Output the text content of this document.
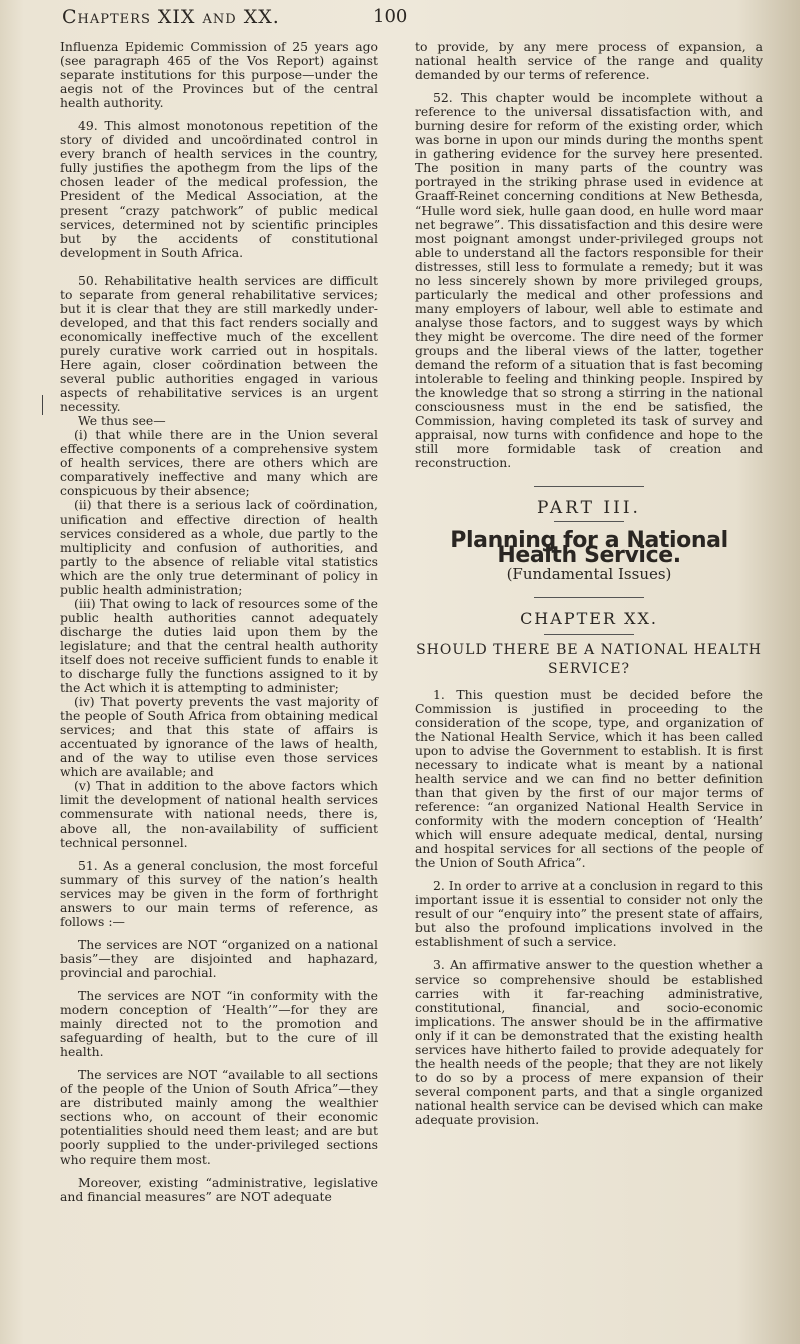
Chapters XIX and XX.	100

Influenza Epidemic Commission of 25 years ago (see paragraph 465 of the Vos Report) against separate institutions for this purpose—under the aegis not of the Provinces but of the central health authority.

49. This almost monotonous repetition of the story of divided and uncoördinated control in every branch of health services in the country, fully justifies the apothegm from the lips of the chosen leader of the medical profession, the President of the Medical Association, at the present “crazy patchwork” of public medical services, determined not by scientific principles but by the accidents of constitutional development in South Africa.

50. Rehabilitative health services are difficult to separate from general rehabilitative services; but it is clear that they are still markedly under-developed, and that this fact renders socially and economically ineffective much of the excellent purely curative work carried out in hospitals. Here again, closer coördination between the several public authorities engaged in various aspects of rehabilitative services is an urgent necessity.

We thus see—

(i) that while there are in the Union several effective components of a comprehensive system of health services, there are others which are comparatively ineffective and many which are conspicuous by their absence;

(ii) that there is a serious lack of coördination, unification and effective direction of health services considered as a whole, due partly to the multiplicity and confusion of authorities, and partly to the absence of reliable vital statistics which are the only true determinant of policy in public health administration;

(iii) That owing to lack of resources some of the public health authorities cannot adequately discharge the duties laid upon them by the legislature; and that the central health authority itself does not receive sufficient funds to enable it to discharge fully the functions assigned to it by the Act which it is attempting to administer;

(iv) That poverty prevents the vast majority of the people of South Africa from obtaining medical services; and that this state of affairs is accentuated by ignorance of the laws of health, and of the way to utilise even those services which are available; and

(v) That in addition to the above factors which limit the development of national health services commensurate with national needs, there is, above all, the non-availability of sufficient technical personnel.

51. As a general conclusion, the most forceful summary of this survey of the nation’s health services may be given in the form of forthright answers to our main terms of reference, as follows :—

The services are NOT “organized on a national basis”—they are disjointed and haphazard, provincial and parochial.

The services are NOT “in conformity with the modern conception of ‘Health’”—for they are mainly directed not to the promotion and safeguarding of health, but to the cure of ill health.

The services are NOT “available to all sections of the people of the Union of South Africa”—they are distributed mainly among the wealthier sections who, on account of their economic potentialities should need them least; and are but poorly supplied to the under-privileged sections who require them most.

Moreover, existing “administrative, legislative and financial measures” are NOT adequate

to provide, by any mere process of expansion, a national health service of the range and quality demanded by our terms of reference.

52. This chapter would be incomplete without a reference to the universal dissatisfaction with, and burning desire for reform of the existing order, which was borne in upon our minds during the months spent in gathering evidence for the survey here presented. The position in many parts of the country was portrayed in the striking phrase used in evidence at Graaff-Reinet concerning conditions at New Bethesda, “Hulle word siek, hulle gaan dood, en hulle word maar net begrawe”. This dissatisfaction and this desire were most poignant amongst under-privileged groups not able to understand all the factors responsible for their distresses, still less to formulate a remedy; but it was no less sincerely shown by more privileged groups, particularly the medical and other professions and many employers of labour, well able to estimate and analyse those factors, and to suggest ways by which they might be overcome. The dire need of the former groups and the liberal views of the latter, together demand the reform of a situation that is fast becoming intolerable to feeling and thinking people. Inspired by the knowledge that so strong a stirring in the national consciousness must in the end be satisfied, the Commission, having completed its task of survey and appraisal, now turns with confidence and hope to the still more formidable task of creation and reconstruction.

PART III.
Planning for a National Health Service.
(Fundamental Issues)
CHAPTER XX.
SHOULD THERE BE A NATIONAL HEALTH SERVICE?

1. This question must be decided before the Commission is justified in proceeding to the consideration of the scope, type, and organization of the National Health Service, which it has been called upon to advise the Government to establish. It is first necessary to indicate what is meant by a national health service and we can find no better definition than that given by the first of our major terms of reference: “an organized National Health Service in conformity with the modern conception of ‘Health’ which will ensure adequate medical, dental, nursing and hospital services for all sections of the people of the Union of South Africa”.

2. In order to arrive at a conclusion in regard to this important issue it is essential to consider not only the result of our “enquiry into” the present state of affairs, but also the profound implications involved in the establishment of such a service.

3. An affirmative answer to the question whether a service so comprehensive should be established carries with it far-reaching administrative, constitutional, financial, and socio-economic implications. The answer should be in the affirmative only if it can be demonstrated that the existing health services have hitherto failed to provide adequately for the health needs of the people; that they are not likely to do so by a process of mere expansion of their several component parts, and that a single organized national health service can be devised which can make adequate provision.
